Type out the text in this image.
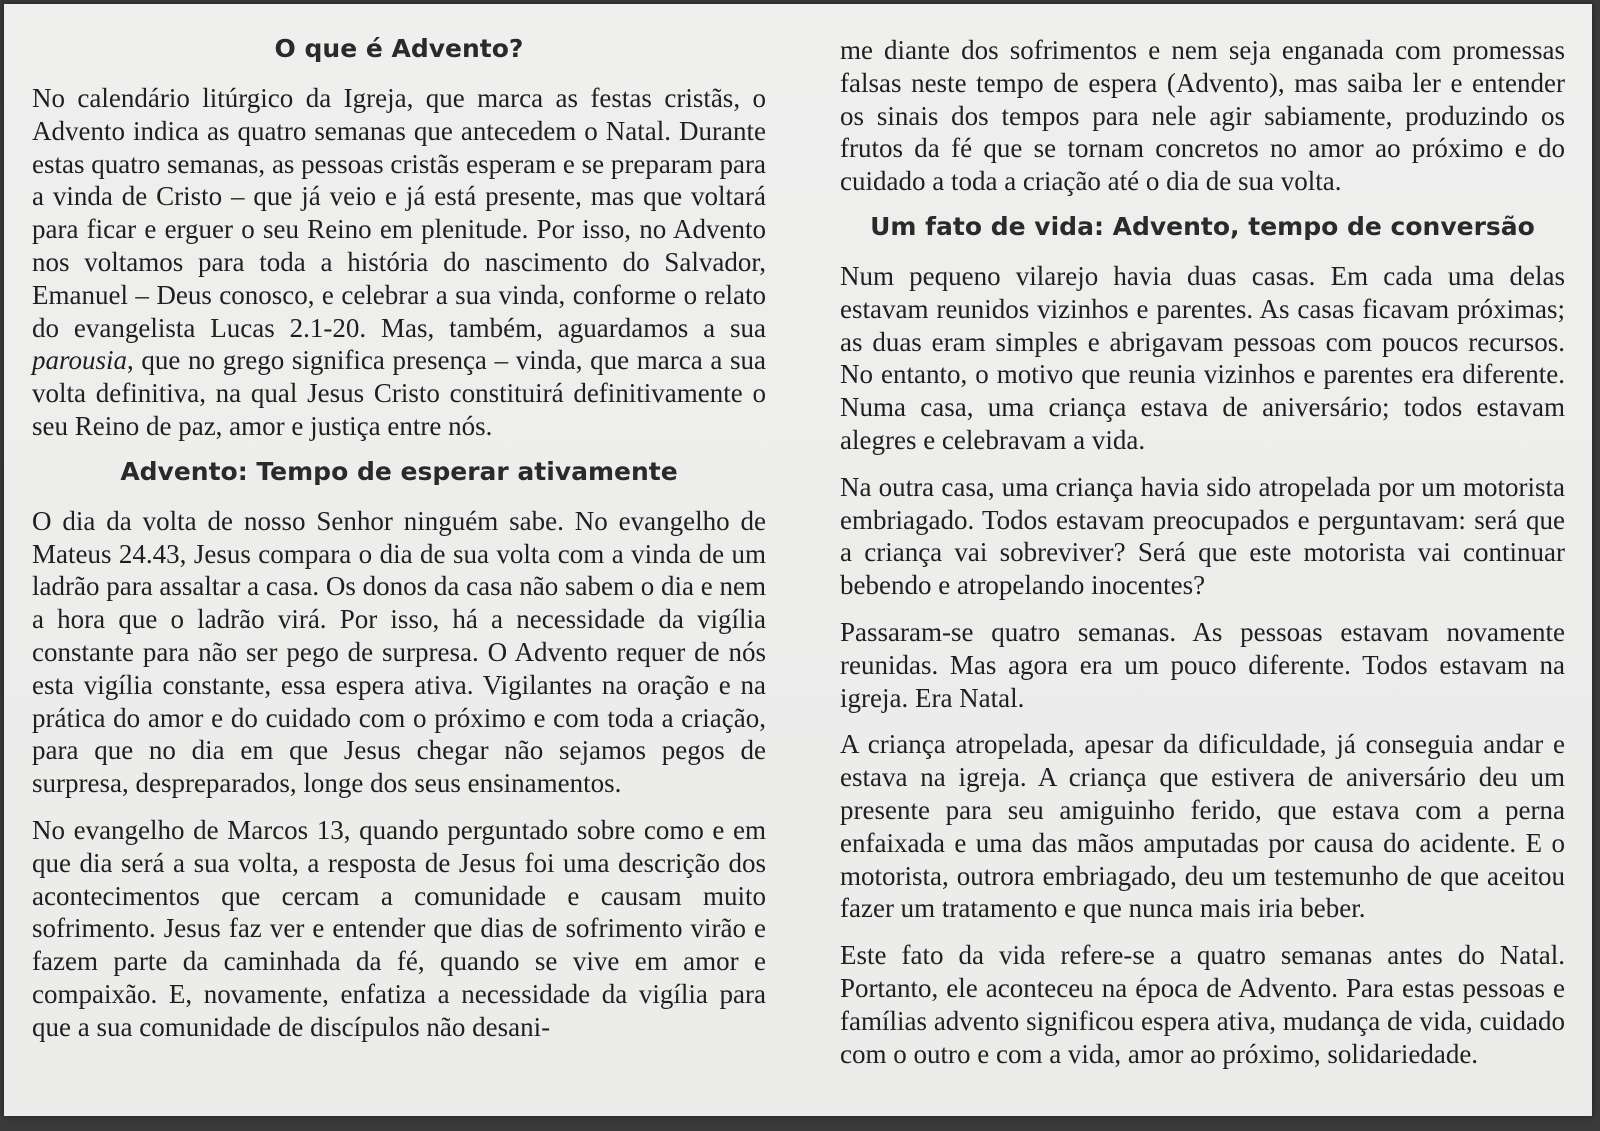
O que é Advento?

No calendário litúrgico da Igreja, que marca as festas cristãs, o Advento indica as quatro semanas que antecedem o Natal. Durante estas quatro semanas, as pessoas cristãs esperam e se preparam para a vinda de Cristo – que já veio e já está presente, mas que voltará para ficar e erguer o seu Reino em plenitude. Por isso, no Advento nos voltamos para toda a história do nascimento do Salvador, Emanuel – Deus conosco, e celebrar a sua vinda, conforme o relato do evangelista Lucas 2.1-20. Mas, também, aguardamos a sua parousia, que no grego significa presença – vinda, que marca a sua volta definitiva, na qual Jesus Cristo constituirá definitivamente o seu Reino de paz, amor e justiça entre nós.

Advento: Tempo de esperar ativamente

O dia da volta de nosso Senhor ninguém sabe. No evangelho de Mateus 24.43, Jesus compara o dia de sua volta com a vinda de um ladrão para assaltar a casa. Os donos da casa não sabem o dia e nem a hora que o ladrão virá. Por isso, há a necessidade da vigília constante para não ser pego de surpresa. O Advento requer de nós esta vigília constante, essa espera ativa. Vigilantes na oração e na prática do amor e do cuidado com o próximo e com toda a criação, para que no dia em que Jesus chegar não sejamos pegos de surpresa, despreparados, longe dos seus ensinamentos.

No evangelho de Marcos 13, quando perguntado sobre como e em que dia será a sua volta, a resposta de Jesus foi uma descrição dos acontecimentos que cercam a comunidade e causam muito sofrimento. Jesus faz ver e entender que dias de sofrimento virão e fazem parte da caminhada da fé, quando se vive em amor e compaixão. E, novamente, enfatiza a necessidade da vigília para que a sua comunidade de discípulos não desani-

me diante dos sofrimentos e nem seja enganada com promessas falsas neste tempo de espera (Advento), mas saiba ler e entender os sinais dos tempos para nele agir sabiamente, produzindo os frutos da fé que se tornam concretos no amor ao próximo e do cuidado a toda a criação até o dia de sua volta.

Um fato de vida: Advento, tempo de conversão

Num pequeno vilarejo havia duas casas. Em cada uma delas estavam reunidos vizinhos e parentes. As casas ficavam próximas; as duas eram simples e abrigavam pessoas com poucos recursos. No entanto, o motivo que reunia vizinhos e parentes era diferente. Numa casa, uma criança estava de aniversário; todos estavam alegres e celebravam a vida.

Na outra casa, uma criança havia sido atropelada por um motorista embriagado. Todos estavam preocupados e perguntavam: será que a criança vai sobreviver? Será que este motorista vai continuar bebendo e atropelando inocentes?

Passaram-se quatro semanas. As pessoas estavam novamente reunidas. Mas agora era um pouco diferente. Todos estavam na igreja. Era Natal.

A criança atropelada, apesar da dificuldade, já conseguia andar e estava na igreja. A criança que estivera de aniversário deu um presente para seu amiguinho ferido, que estava com a perna enfaixada e uma das mãos amputadas por causa do acidente. E o motorista, outrora embriagado, deu um testemunho de que aceitou fazer um tratamento e que nunca mais iria beber.

Este fato da vida refere-se a quatro semanas antes do Natal. Portanto, ele aconteceu na época de Advento. Para estas pessoas e famílias advento significou espera ativa, mudança de vida, cuidado com o outro e com a vida, amor ao próximo, solidariedade.
